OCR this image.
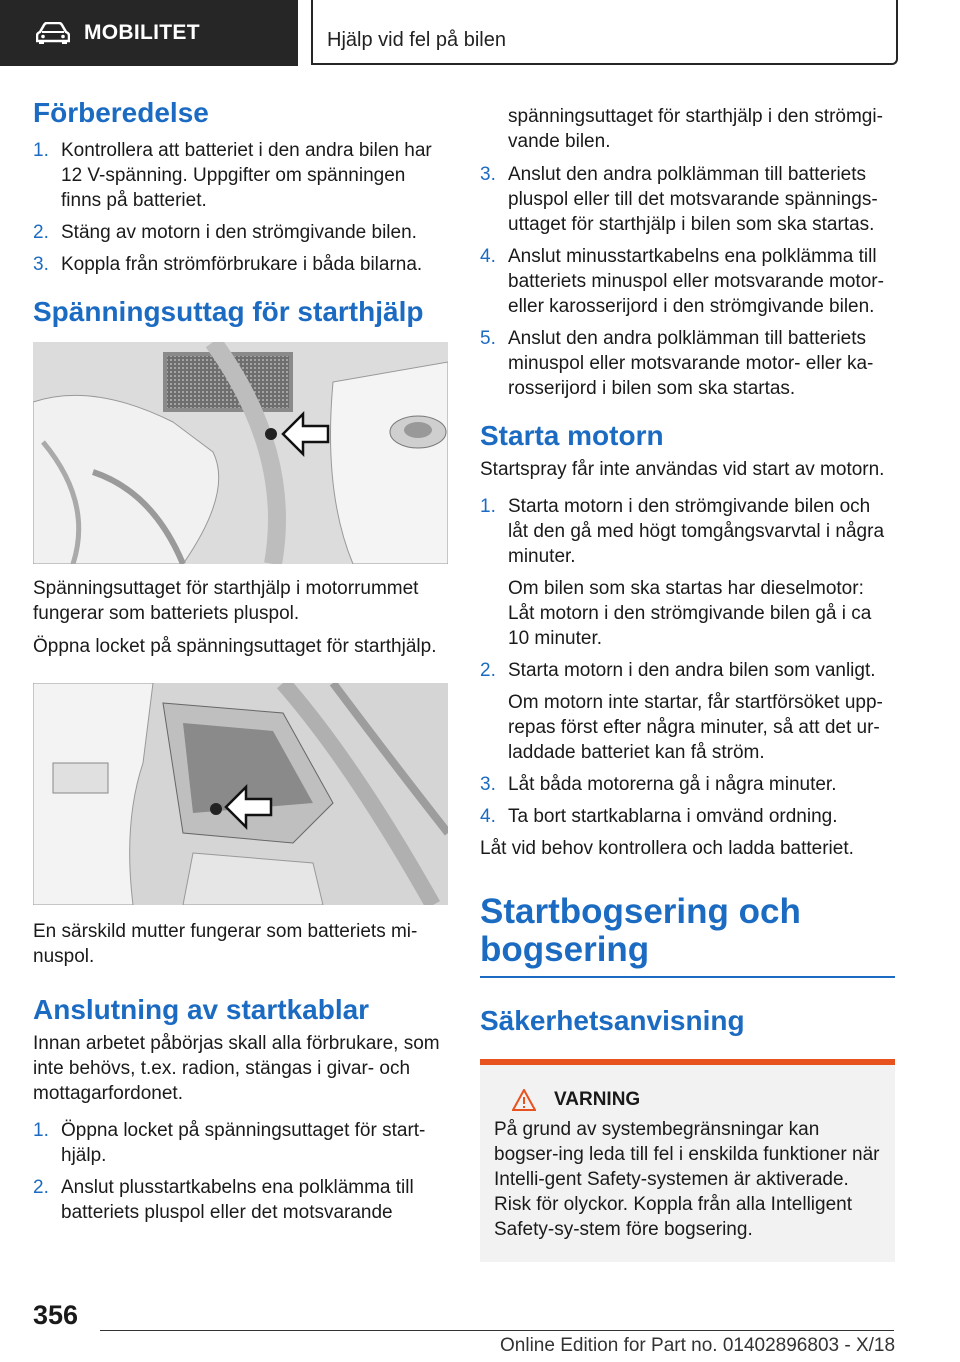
MOBILITET	Hjälp vid fel på bilen
Förberedelse
1. Kontrollera att batteriet i den andra bilen har 12 V-spänning. Uppgifter om spänningen finns på batteriet.
2. Stäng av motorn i den strömgivande bilen.
3. Koppla från strömförbrukare i båda bilarna.
Spänningsuttag för starthjälp

Spänningsuttaget för starthjälp i motorrummet fungerar som batteriets pluspol.

Öppna locket på spänningsuttaget för starthjälp.

En särskild mutter fungerar som batteriets mi-nuspol.

Anslutning av startkablar

Innan arbetet påbörjas skall alla förbrukare, som inte behövs, t.ex. radion, stängas i givar- och mottagarfordonet.

1. Öppna locket på spänningsuttaget för start-hjälp.
2. Anslut plusstartkabelns ena polklämma till batteriets pluspol eller det motsvarande

spänningsuttaget för starthjälp i den strömgi-vande bilen.

3. Anslut den andra polklämman till batteriets pluspol eller till det motsvarande spännings-uttaget för starthjälp i bilen som ska startas.
4. Anslut minusstartkabelns ena polklämma till batteriets minuspol eller motsvarande motor- eller karosserijord i den strömgivande bilen.
5. Anslut den andra polklämman till batteriets minuspol eller motsvarande motor- eller ka-rosserijord i bilen som ska startas.
Starta motorn

Startspray får inte användas vid start av motorn.

1. Starta motorn i den strömgivande bilen och låt den gå med högt tomgångsvarvtal i några minuter.
Om bilen som ska startas har dieselmotor: Låt motorn i den strömgivande bilen gå i ca 10 minuter.
2. Starta motorn i den andra bilen som vanligt.
Om motorn inte startar, får startförsöket upp-repas först efter några minuter, så att det ur-laddade batteriet kan få ström.
3. Låt båda motorerna gå i några minuter.
4. Ta bort startkablarna i omvänd ordning.

Låt vid behov kontrollera och ladda batteriet.

Startbogsering och bogsering
Säkerhetsanvisning
VARNING

På grund av systembegränsningar kan bogser-ing leda till fel i enskilda funktioner när Intelli-gent Safety-systemen är aktiverade. Risk för olyckor. Koppla från alla Intelligent Safety-sy-stem före bogsering.

356
Online Edition for Part no. 01402896803 - X/18
